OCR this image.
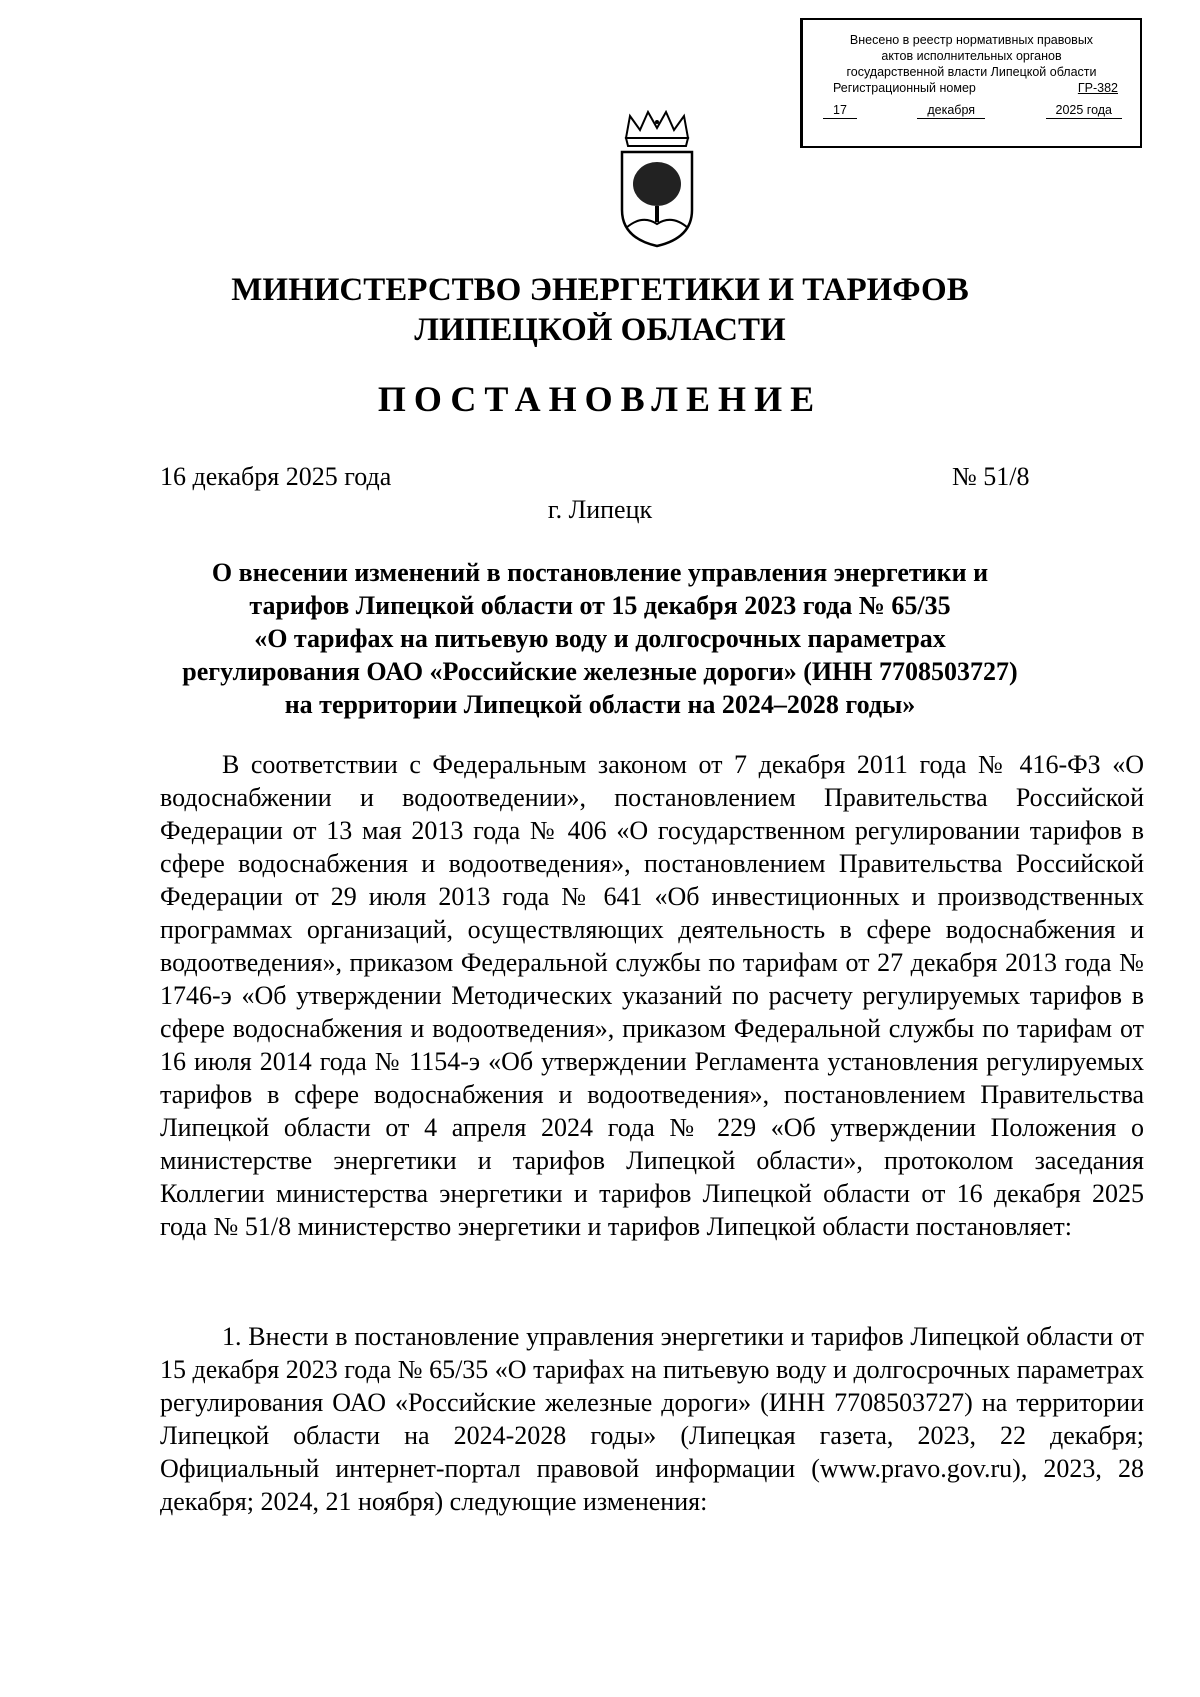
Внесено в реестр нормативных правовых
актов исполнительных органов
государственной власти Липецкой области
Регистрационный номер	ГР-382
17	декабря	2025 года
МИНИСТЕРСТВО ЭНЕРГЕТИКИ И ТАРИФОВ
ЛИПЕЦКОЙ ОБЛАСТИ
ПОСТАНОВЛЕНИЕ
16 декабря 2025 года	№ 51/8
г. Липецк
О внесении изменений в постановление управления энергетики и
тарифов Липецкой области от 15 декабря 2023 года № 65/35
«О тарифах на питьевую воду и долгосрочных параметрах
регулирования ОАО «Российские железные дороги» (ИНН 7708503727)
на территории Липецкой области на 2024–2028 годы»
В соответствии с Федеральным законом от 7 декабря 2011 года № 416-ФЗ «О водоснабжении и водоотведении», постановлением Правительства Российской Федерации от 13 мая 2013 года № 406 «О государственном регулировании тарифов в сфере водоснабжения и водоотведения», постановлением Правительства Российской Федерации от 29 июля 2013 года № 641 «Об инвестиционных и производственных программах организаций, осуществляющих деятельность в сфере водоснабжения и водоотведения», приказом Федеральной службы по тарифам от 27 декабря 2013 года № 1746-э «Об утверждении Методических указаний по расчету регулируемых тарифов в сфере водоснабжения и водоотведения», приказом Федеральной службы по тарифам от 16 июля 2014 года № 1154-э «Об утверждении Регламента установления регулируемых тарифов в сфере водоснабжения и водоотведения», постановлением Правительства Липецкой области от 4 апреля 2024 года № 229 «Об утверждении Положения о министерстве энергетики и тарифов Липецкой области», протоколом заседания Коллегии министерства энергетики и тарифов Липецкой области от 16 декабря 2025 года № 51/8 министерство энергетики и тарифов Липецкой области постановляет:
1. Внести в постановление управления энергетики и тарифов Липецкой области от 15 декабря 2023 года № 65/35 «О тарифах на питьевую воду и долгосрочных параметрах регулирования ОАО «Российские железные дороги» (ИНН 7708503727) на территории Липецкой области на 2024-2028 годы» (Липецкая газета, 2023, 22 декабря; Официальный интернет-портал правовой информации (www.pravo.gov.ru), 2023, 28 декабря; 2024, 21 ноября) следующие изменения:
